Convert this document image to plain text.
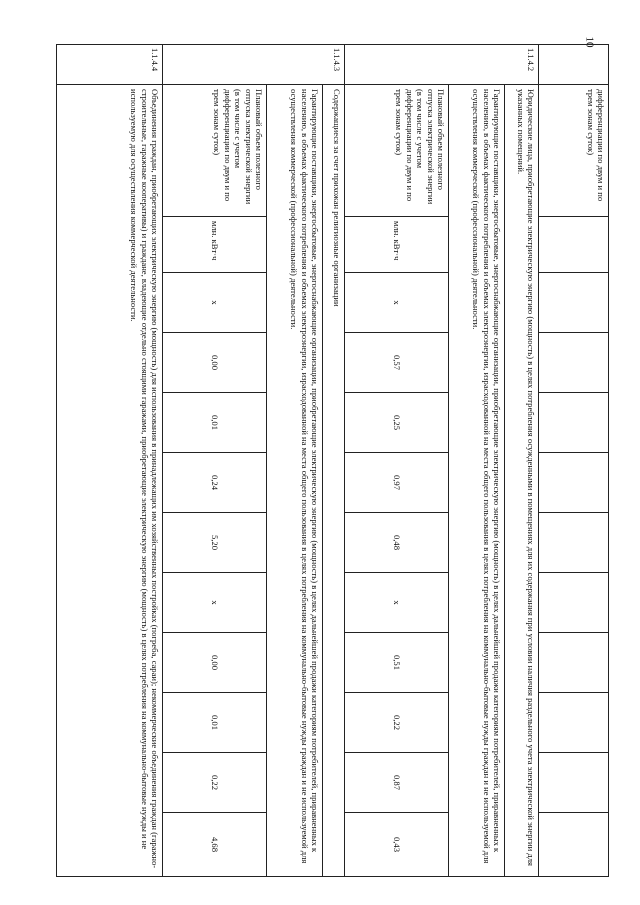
10
	дифференциации по двум и по трем зонам суток)											
1.1.4.2	Юридические лица, приобретающие электрическую энергию (мощность) в целях потребления осужденными в помещениях для их содержания при условии наличия раздельного учета электрической энергии для указанных помещений.											
	Гарантирующие поставщики, энергосбытовые, энергоснабжающие организации, приобретающие электрическую энергию (мощность) в целях дальнейшей продажи категориям потребителей, приравненных к населению, в объемах фактического потребления и объемах электроэнергии, израсходованной на места общего пользования в целях потребления на коммунально-бытовые нужды граждан и не используемой для осуществления коммерческой (профессиональной) деятельности.											
	Плановый объем полезного отпуска электрической энергии (в том числе с учетом дифференциации по двум и по трем зонам суток)	млн. кВт·ч	х	0,57	0,25	0,97	0,48	х	0,51	0,22	0,87	0,43
1.1.4.3	Содержащиеся за счет прихожан религиозные организации											
	Гарантирующие поставщики, энергосбытовые, энергоснабжающие организации, приобретающие электрическую энергию (мощность) в целях дальнейшей продажи категориям потребителей, приравненных к населению, в объемах фактического потребления и объемах электроэнергии, израсходованной на места общего пользования в целях потребления на коммунально-бытовые нужды граждан и не используемой для осуществления коммерческой (профессиональной) деятельности.											
	Плановый объем полезного отпуска электрической энергии (в том числе с учетом дифференциации по двум и по трем зонам суток)	млн. кВт·ч	х	0,00	0,01	0,24	5,20	х	0,00	0,01	0,22	4,68
1.1.4.4	Объединения граждан, приобретающих электрическую энергию (мощность) для использования в принадлежащих им хозяйственных постройках (погреба, сараи); некоммерческие объединения граждан (гаражно-строительные, гаражные кооперативы) и граждане, владеющие отдельно стоящими гаражами, приобретающие электрическую энергию (мощность) в целях потребления на коммунально-бытовые нужды и не используемую для осуществления коммерческой деятельности.											
